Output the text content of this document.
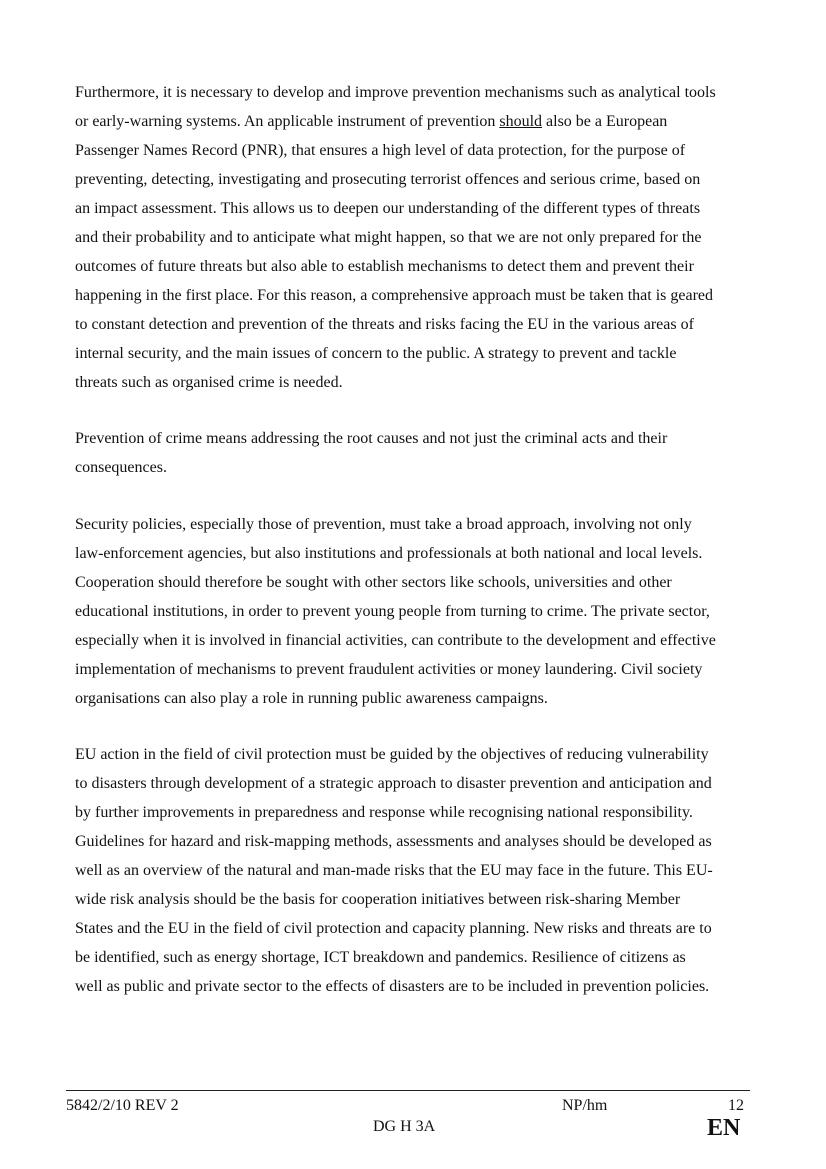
Furthermore, it is necessary to develop and improve prevention mechanisms such as analytical tools
or early-warning systems. An applicable instrument of prevention should also be a European
Passenger Names Record (PNR), that ensures a high level of data protection, for the purpose of
preventing, detecting, investigating and prosecuting terrorist offences and serious crime, based on
an impact assessment. This allows us to deepen our understanding of the different types of threats
and their probability and to anticipate what might happen, so that we are not only prepared for the
outcomes of future threats but also able to establish mechanisms to detect them and prevent their
happening in the first place. For this reason, a comprehensive approach must be taken that is geared
to constant detection and prevention of the threats and risks facing the EU in the various areas of
internal security, and the main issues of concern to the public. A strategy to prevent and tackle
threats such as organised crime is needed.
Prevention of crime means addressing the root causes and not just the criminal acts and their
consequences.
Security policies, especially those of prevention, must take a broad approach, involving not only
law-enforcement agencies, but also institutions and professionals at both national and local levels.
Cooperation should therefore be sought with other sectors like schools, universities and other
educational institutions, in order to prevent young people from turning to crime. The private sector,
especially when it is involved in financial activities, can contribute to the development and effective
implementation of mechanisms to prevent fraudulent activities or money laundering. Civil society
organisations can also play a role in running public awareness campaigns.
EU action in the field of civil protection must be guided by the objectives of reducing vulnerability
to disasters through development of a strategic approach to disaster prevention and anticipation and
by further improvements in preparedness and response while recognising national responsibility.
Guidelines for hazard and risk-mapping methods, assessments and analyses should be developed as
well as an overview of the natural and man-made risks that the EU may face in the future. This EU-
wide risk analysis should be the basis for cooperation initiatives between risk-sharing Member
States and the EU in the field of civil protection and capacity planning. New risks and threats are to
be identified, such as energy shortage, ICT breakdown and pandemics. Resilience of citizens as
well as public and private sector to the effects of disasters are to be included in prevention policies.
5842/2/10 REV 2	NP/hm	12
DG H 3A	EN
